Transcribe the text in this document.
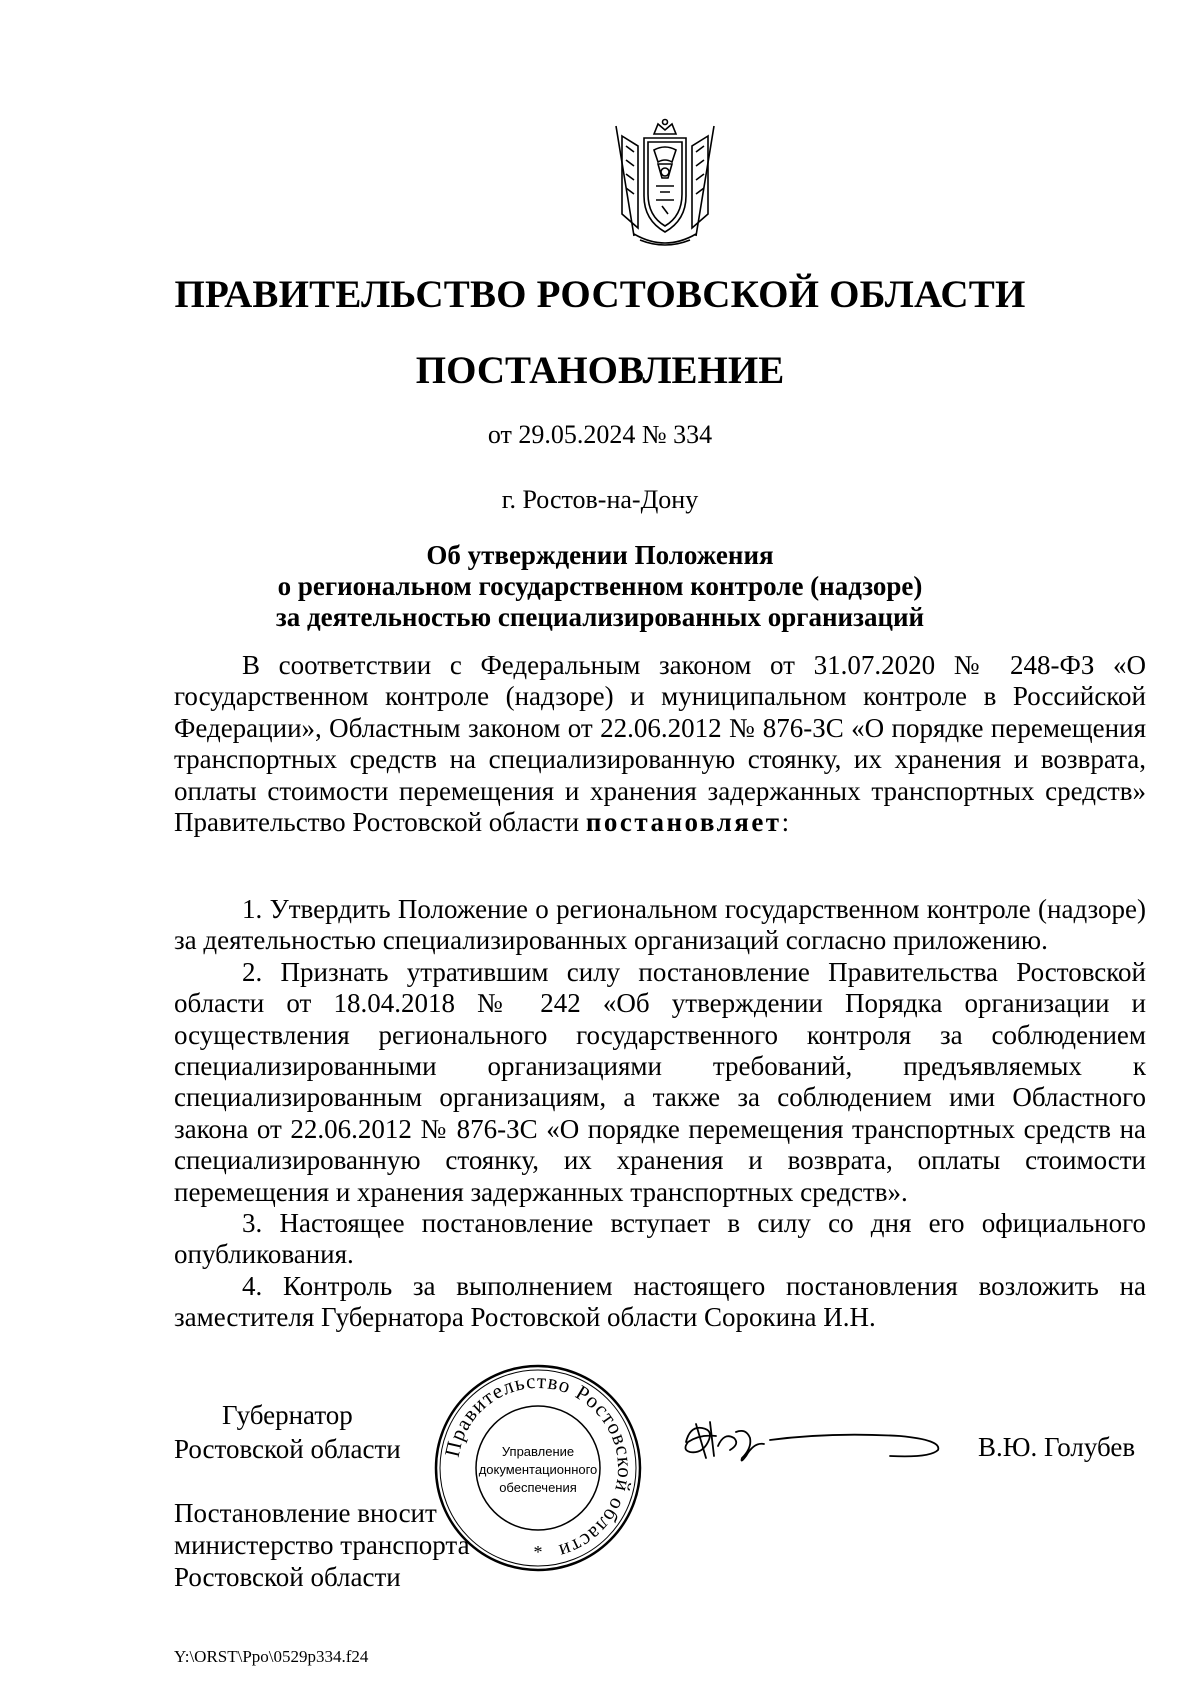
ПРАВИТЕЛЬСТВО РОСТОВСКОЙ ОБЛАСТИ
ПОСТАНОВЛЕНИЕ
от 29.05.2024 № 334
г. Ростов-на-Дону
Об утверждении Положения
о региональном государственном контроле (надзоре)
за деятельностью специализированных организаций

В соответствии с Федеральным законом от 31.07.2020 № 248-ФЗ «О государственном контроле (надзоре) и муниципальном контроле в Российской Федерации», Областным законом от 22.06.2012 № 876-ЗС «О порядке перемещения транспортных средств на специализированную стоянку, их хранения и возврата, оплаты стоимости перемещения и хранения задержанных транспортных средств» Правительство Ростовской области постановляет:

1. Утвердить Положение о региональном государственном контроле (надзоре) за деятельностью специализированных организаций согласно приложению.

2. Признать утратившим силу постановление Правительства Ростовской области от 18.04.2018 № 242 «Об утверждении Порядка организации и осуществления регионального государственного контроля за соблюдением специализированными организациями требований, предъявляемых к специализированным организациям, а также за соблюдением ими Областного закона от 22.06.2012 № 876-ЗС «О порядке перемещения транспортных средств на специализированную стоянку, их хранения и возврата, оплаты стоимости перемещения и хранения задержанных транспортных средств».

3. Настоящее постановление вступает в силу со дня его официального опубликования.

4. Контроль за выполнением настоящего постановления возложить на заместителя Губернатора Ростовской области Сорокина И.Н.

Губернатор
Ростовской области	В.Ю. Голубев
Постановление вносит
министерство транспорта
Ростовской области
Правительство Ростовской области
Управление
документационного
обеспечения
*
Y:\ORST\Ppo\0529p334.f24
